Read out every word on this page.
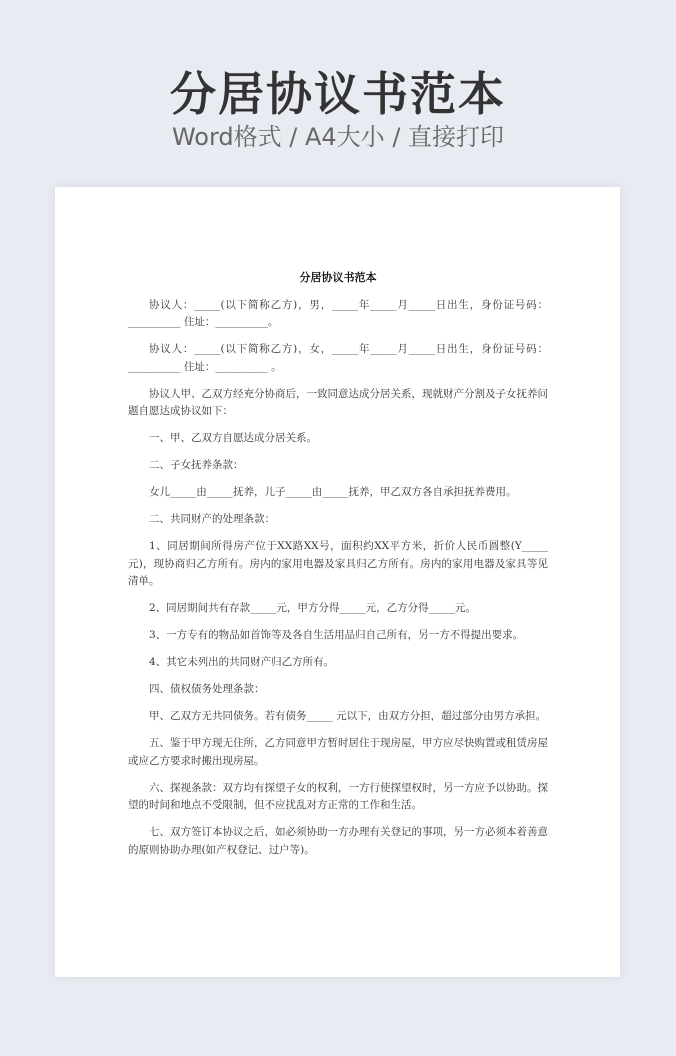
分居协议书范本
Word格式 / A4大小 / 直接打印
分居协议书范本

协议人：_____(以下简称乙方)，男，_____年_____月_____日出生，身份证号码：__________ 住址：__________。

协议人：_____(以下简称乙方)，女，_____年_____月_____日出生，身份证号码：__________ 住址：__________ 。

协议人甲、乙双方经充分协商后，一致同意达成分居关系，现就财产分割及子女抚养问题自愿达成协议如下：

一、甲、乙双方自愿达成分居关系。

二、子女抚养条款：

女儿_____由_____抚养，儿子_____由_____抚养，甲乙双方各自承担抚养费用。

二、共同财产的处理条款：

1、同居期间所得房产位于XX路XX号，面积约XX平方米，折价人民币圆整(Y_____元)，现协商归乙方所有。房内的家用电器及家具归乙方所有。房内的家用电器及家具等见清单。

2、同居期间共有存款_____元，甲方分得_____元，乙方分得_____元。

3、一方专有的物品如首饰等及各自生活用品归自己所有，另一方不得提出要求。

4、其它未列出的共同财产归乙方所有。

四、债权债务处理条款：

甲、乙双方无共同债务。若有债务_____ 元以下，由双方分担，超过部分由男方承担。

五、鉴于甲方现无住所，乙方同意甲方暂时居住于现房屋，甲方应尽快购置或租赁房屋或应乙方要求时搬出现房屋。

六、探视条款：双方均有探望子女的权利，一方行使探望权时，另一方应予以协助。探望的时间和地点不受限制，但不应扰乱对方正常的工作和生活。

七、双方签订本协议之后，如必须协助一方办理有关登记的事项，另一方必须本着善意的原则协助办理(如产权登记、过户等)。
